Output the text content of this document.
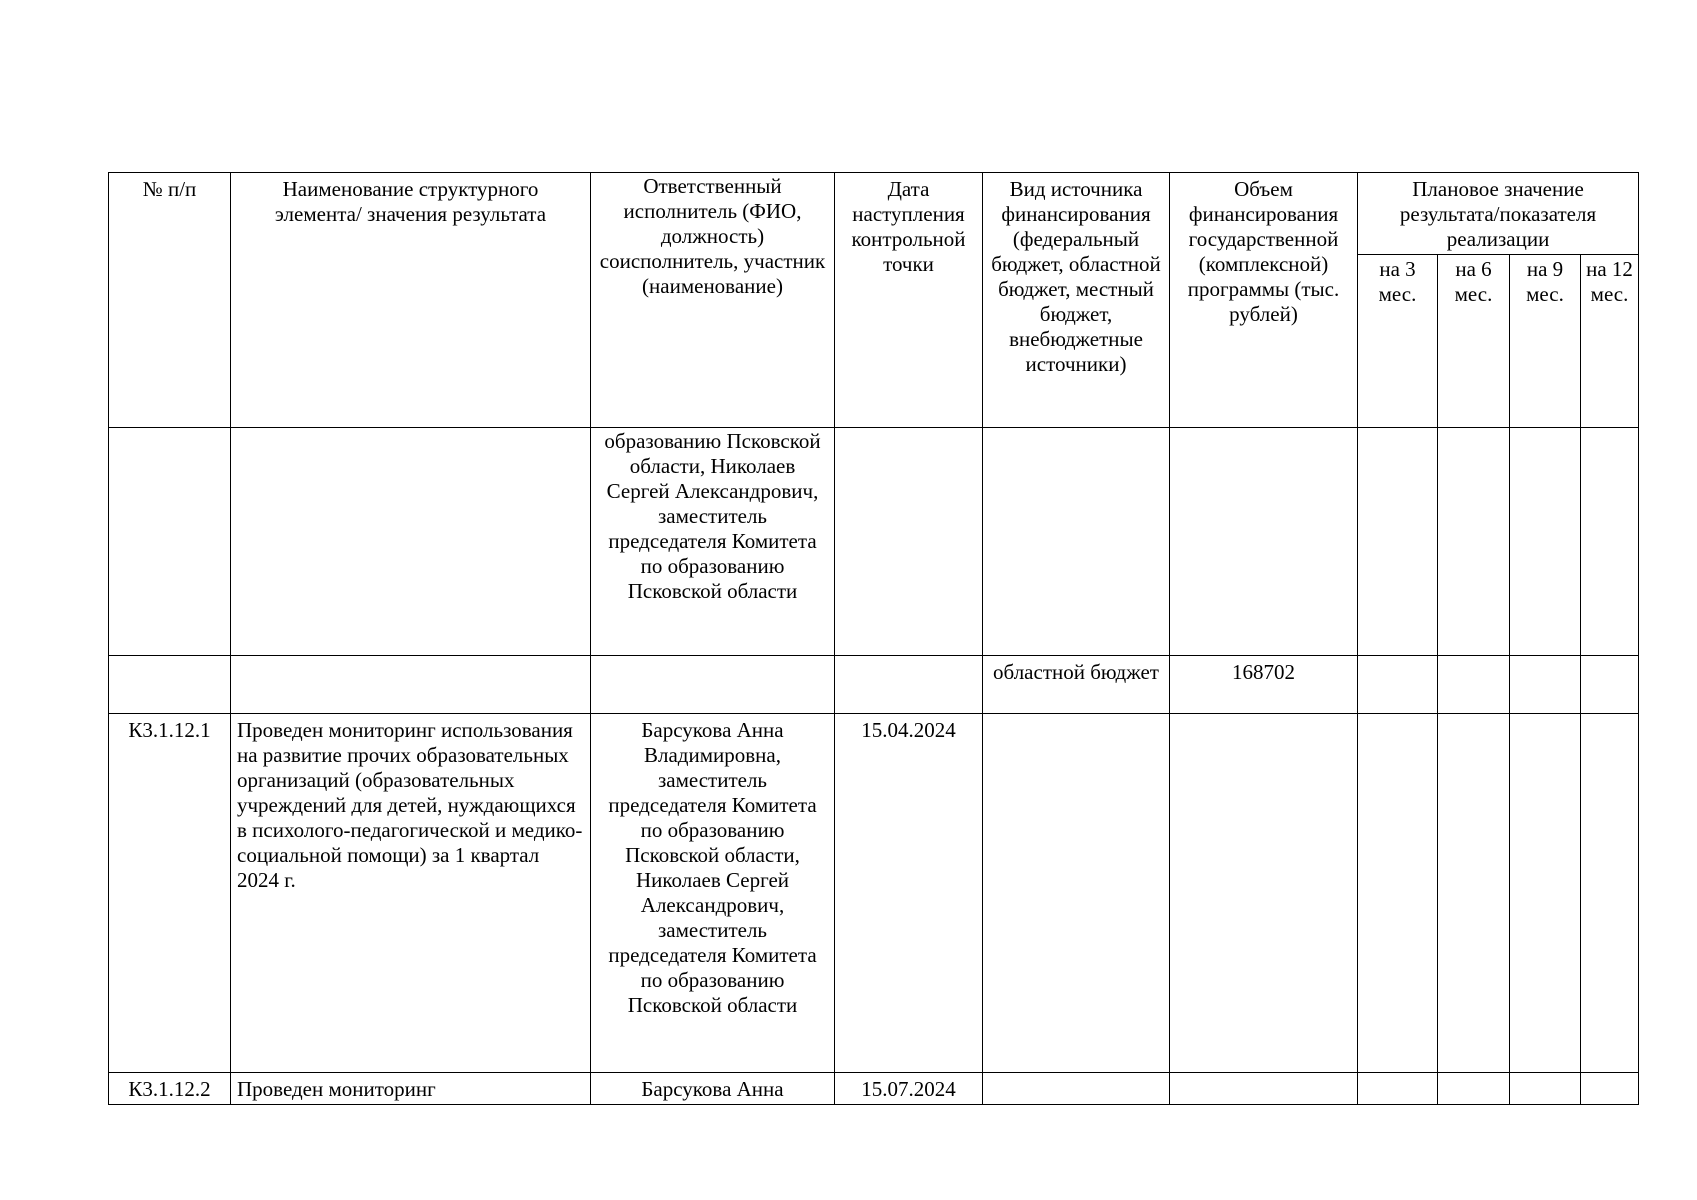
№ п/п	Наименование структурного элемента/ значения результата	Ответственный исполнитель (ФИО, должность) соисполнитель, участник (наименование)	Дата наступления контрольной точки	Вид источника финансирования (федеральный бюджет, областной бюджет, местный бюджет, внебюджетные источники)	Объем финансирования государственной (комплексной) программы (тыс. рублей)	Плановое значение результата/показателя реализации			
						на 3 мес.	на 6 мес.	на 9 мес.	на 12 мес.
		образованию Псковской области, Николаев Сергей Александрович, заместитель председателя Комитета по образованию Псковской области							
				областной бюджет	168702				
К3.1.12.1	Проведен мониторинг использования на развитие прочих образовательных организаций (образовательных учреждений для детей, нуждающихся в психолого-педагогической и медико-социальной помощи) за 1 квартал 2024 г.	Барсукова Анна Владимировна, заместитель председателя Комитета по образованию Псковской области, Николаев Сергей Александрович, заместитель председателя Комитета по образованию Псковской области	15.04.2024						
К3.1.12.2	Проведен мониторинг	Барсукова Анна	15.07.2024						
